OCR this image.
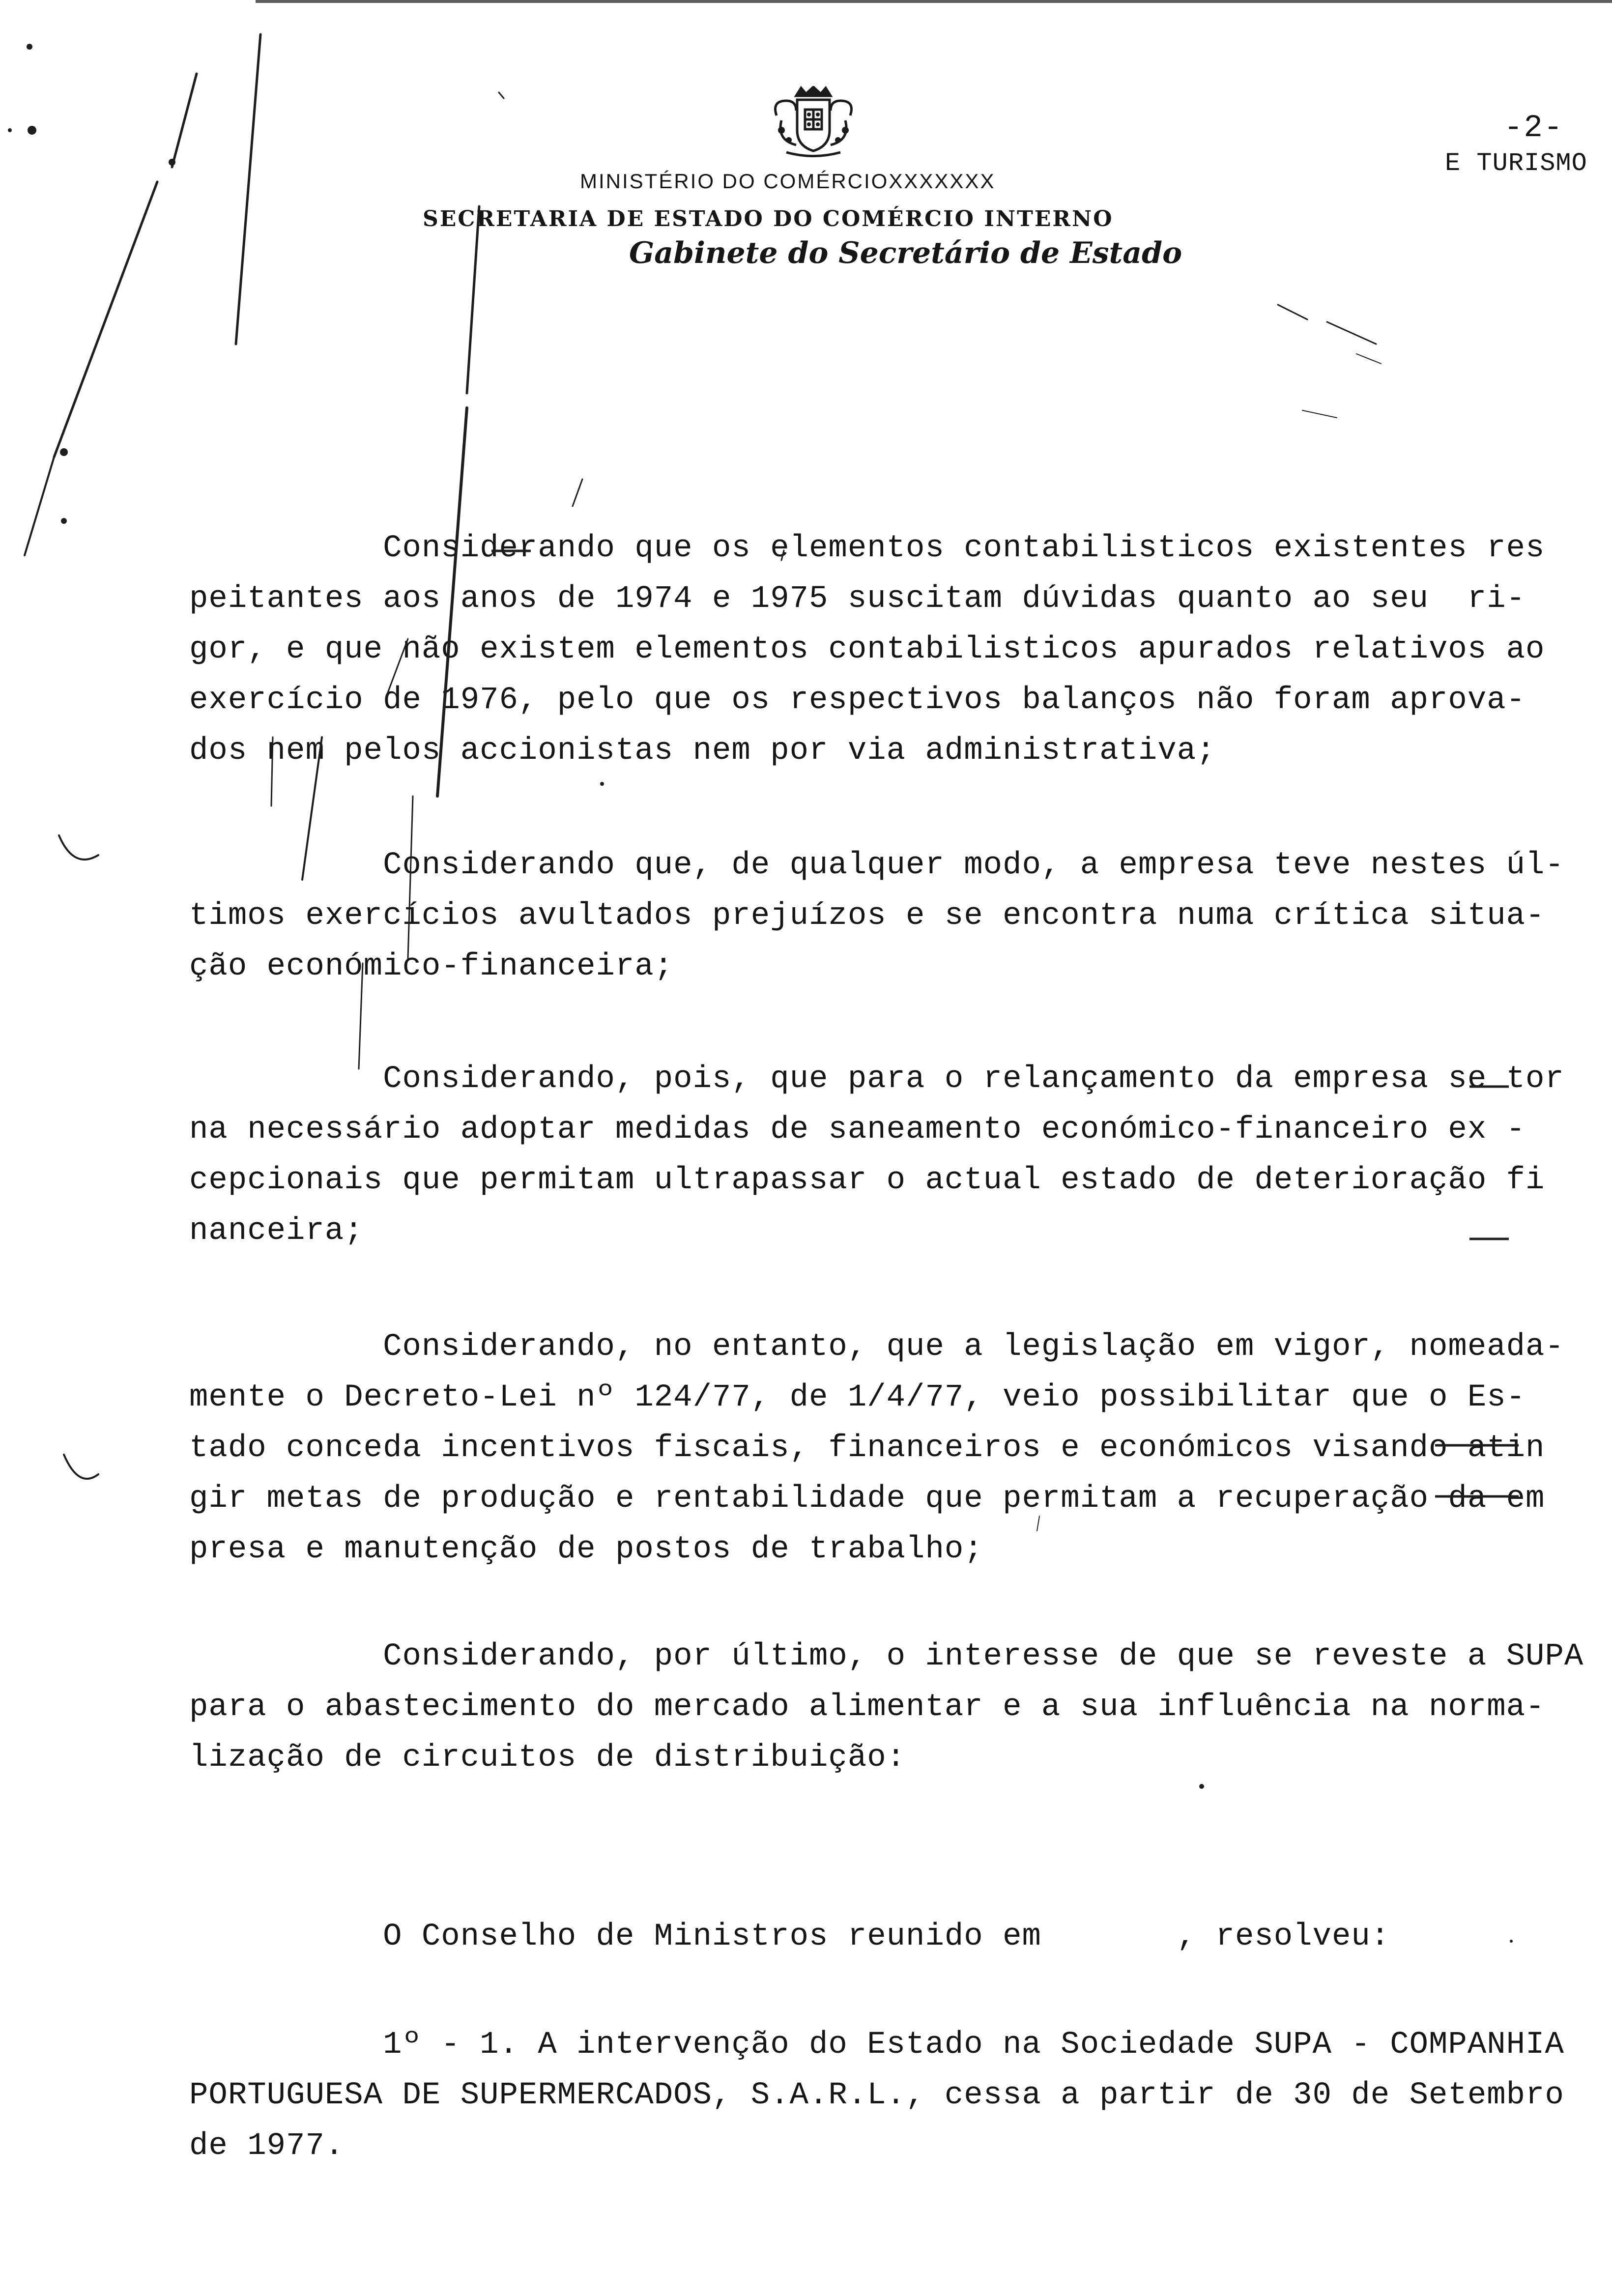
-2-
MINISTÉRIO DO COMÉRCIOXXXXXXX
E TURISMO
SECRETARIA DE ESTADO DO COMÉRCIO INTERNO
Gabinete do Secretário de Estado
Considerando que os elementos contabilisticos existentes res
peitantes aos anos de 1974 e 1975 suscitam dúvidas quanto ao seu  ri-
gor, e que não existem elementos contabilisticos apurados relativos ao
exercício de 1976, pelo que os respectivos balanços não foram aprova-
dos nem pelos accionistas nem por via administrativa;
Considerando que, de qualquer modo, a empresa teve nestes úl-
timos exercícios avultados prejuízos e se encontra numa crítica situa-
ção económico-financeira;
Considerando, pois, que para o relançamento da empresa se tor
na necessário adoptar medidas de saneamento económico-financeiro ex -
cepcionais que permitam ultrapassar o actual estado de deterioração fi
nanceira;
Considerando, no entanto, que a legislação em vigor, nomeada-
mente o Decreto-Lei nº 124/77, de 1/4/77, veio possibilitar que o Es-
tado conceda incentivos fiscais, financeiros e económicos visando atin
gir metas de produção e rentabilidade que permitam a recuperação da em
presa e manutenção de postos de trabalho;
Considerando, por último, o interesse de que se reveste a SUPA
para o abastecimento do mercado alimentar e a sua influência na norma-
lização de circuitos de distribuição:
O Conselho de Ministros reunido em       , resolveu:
1º - 1. A intervenção do Estado na Sociedade SUPA - COMPANHIA
PORTUGUESA DE SUPERMERCADOS, S.A.R.L., cessa a partir de 30 de Setembro
de 1977.
